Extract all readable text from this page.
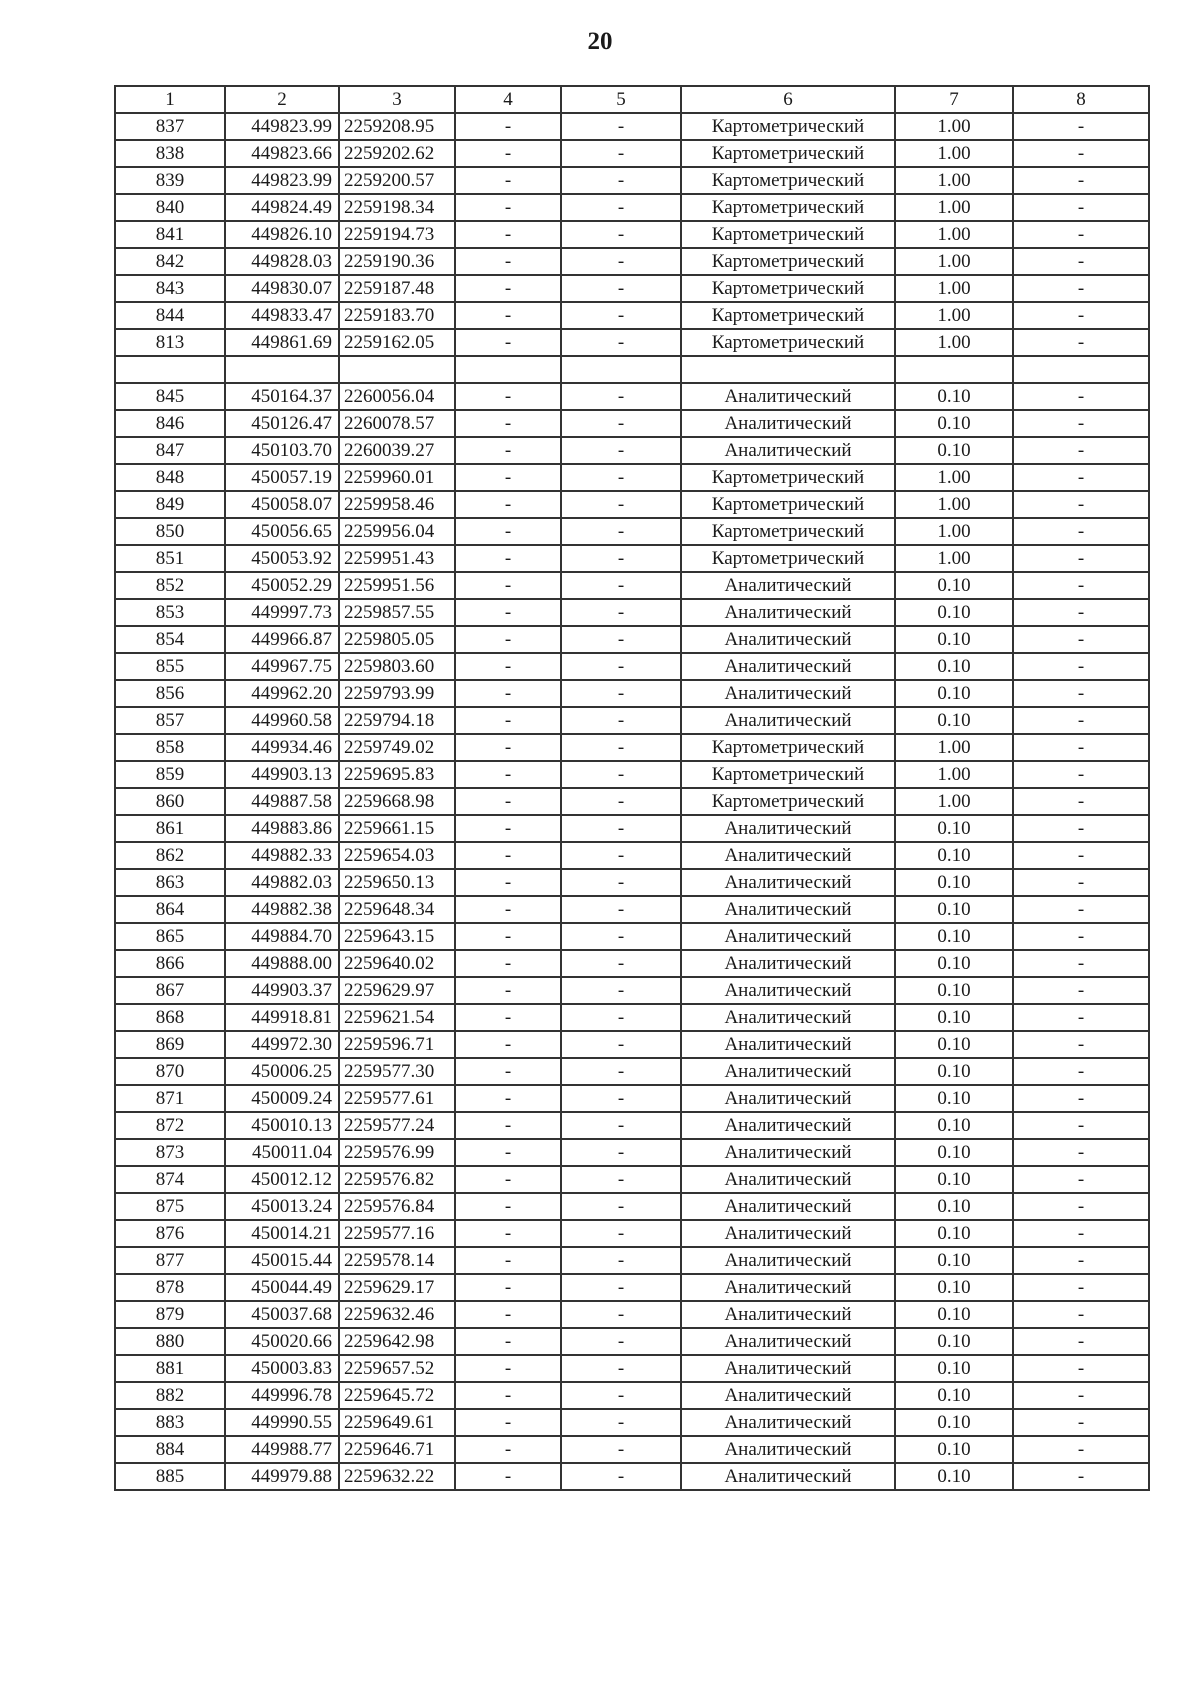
20
1	2	3	4	5	6	7	8
837	449823.99	2259208.95	-	-	Картометрический	1.00	-
838	449823.66	2259202.62	-	-	Картометрический	1.00	-
839	449823.99	2259200.57	-	-	Картометрический	1.00	-
840	449824.49	2259198.34	-	-	Картометрический	1.00	-
841	449826.10	2259194.73	-	-	Картометрический	1.00	-
842	449828.03	2259190.36	-	-	Картометрический	1.00	-
843	449830.07	2259187.48	-	-	Картометрический	1.00	-
844	449833.47	2259183.70	-	-	Картометрический	1.00	-
813	449861.69	2259162.05	-	-	Картометрический	1.00	-

845	450164.37	2260056.04	-	-	Аналитический	0.10	-
846	450126.47	2260078.57	-	-	Аналитический	0.10	-
847	450103.70	2260039.27	-	-	Аналитический	0.10	-
848	450057.19	2259960.01	-	-	Картометрический	1.00	-
849	450058.07	2259958.46	-	-	Картометрический	1.00	-
850	450056.65	2259956.04	-	-	Картометрический	1.00	-
851	450053.92	2259951.43	-	-	Картометрический	1.00	-
852	450052.29	2259951.56	-	-	Аналитический	0.10	-
853	449997.73	2259857.55	-	-	Аналитический	0.10	-
854	449966.87	2259805.05	-	-	Аналитический	0.10	-
855	449967.75	2259803.60	-	-	Аналитический	0.10	-
856	449962.20	2259793.99	-	-	Аналитический	0.10	-
857	449960.58	2259794.18	-	-	Аналитический	0.10	-
858	449934.46	2259749.02	-	-	Картометрический	1.00	-
859	449903.13	2259695.83	-	-	Картометрический	1.00	-
860	449887.58	2259668.98	-	-	Картометрический	1.00	-
861	449883.86	2259661.15	-	-	Аналитический	0.10	-
862	449882.33	2259654.03	-	-	Аналитический	0.10	-
863	449882.03	2259650.13	-	-	Аналитический	0.10	-
864	449882.38	2259648.34	-	-	Аналитический	0.10	-
865	449884.70	2259643.15	-	-	Аналитический	0.10	-
866	449888.00	2259640.02	-	-	Аналитический	0.10	-
867	449903.37	2259629.97	-	-	Аналитический	0.10	-
868	449918.81	2259621.54	-	-	Аналитический	0.10	-
869	449972.30	2259596.71	-	-	Аналитический	0.10	-
870	450006.25	2259577.30	-	-	Аналитический	0.10	-
871	450009.24	2259577.61	-	-	Аналитический	0.10	-
872	450010.13	2259577.24	-	-	Аналитический	0.10	-
873	450011.04	2259576.99	-	-	Аналитический	0.10	-
874	450012.12	2259576.82	-	-	Аналитический	0.10	-
875	450013.24	2259576.84	-	-	Аналитический	0.10	-
876	450014.21	2259577.16	-	-	Аналитический	0.10	-
877	450015.44	2259578.14	-	-	Аналитический	0.10	-
878	450044.49	2259629.17	-	-	Аналитический	0.10	-
879	450037.68	2259632.46	-	-	Аналитический	0.10	-
880	450020.66	2259642.98	-	-	Аналитический	0.10	-
881	450003.83	2259657.52	-	-	Аналитический	0.10	-
882	449996.78	2259645.72	-	-	Аналитический	0.10	-
883	449990.55	2259649.61	-	-	Аналитический	0.10	-
884	449988.77	2259646.71	-	-	Аналитический	0.10	-
885	449979.88	2259632.22	-	-	Аналитический	0.10	-
